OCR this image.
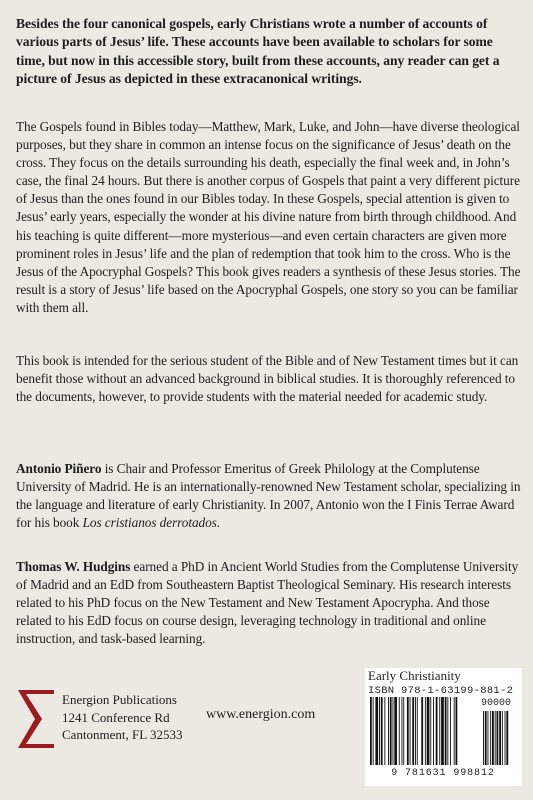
Besides the four canonical gospels, early Christians wrote a number of accounts of various parts of Jesus’ life. These accounts have been available to scholars for some time, but now in this accessible story, built from these accounts, any reader can get a picture of Jesus as depicted in these extracanonical writings.

The Gospels found in Bibles today—Matthew, Mark, Luke, and John—have diverse theological purposes, but they share in common an intense focus on the significance of Jesus’ death on the cross. They focus on the details surrounding his death, especially the final week and, in John’s case, the final 24 hours. But there is another corpus of Gospels that paint a very different picture of Jesus than the ones found in our Bibles today. In these Gospels, special attention is given to Jesus’ early years, especially the wonder at his divine nature from birth through childhood. And his teaching is quite different—more mysterious—and even certain characters are given more prominent roles in Jesus’ life and the plan of redemption that took him to the cross. Who is the Jesus of the Apocryphal Gospels? This book gives readers a synthesis of these Jesus stories. The result is a story of Jesus’ life based on the Apocryphal Gospels, one story so you can be familiar with them all.

This book is intended for the serious student of the Bible and of New Testament times but it can benefit those without an advanced background in biblical studies. It is thoroughly referenced to the documents, however, to provide students with the material needed for academic study.

Antonio Piñero is Chair and Professor Emeritus of Greek Philology at the Complutense University of Madrid. He is an internationally-renowned New Testament scholar, specializing in the language and literature of early Christianity. In 2007, Antonio won the I Finis Terrae Award for his book Los cristianos derrotados.

Thomas W. Hudgins earned a PhD in Ancient World Studies from the Complutense University of Madrid and an EdD from Southeastern Baptist Theological Seminary. His research interests related to his PhD focus on the New Testament and New Testament Apocrypha. And those related to his EdD focus on course design, leveraging technology in traditional and online instruction, and task-based learning.

Energion Publications
1241 Conference Rd
Cantonment, FL 32533
www.energion.com
Early Christianity
ISBN 978-1-63199-881-2
90000
9 781631 998812
